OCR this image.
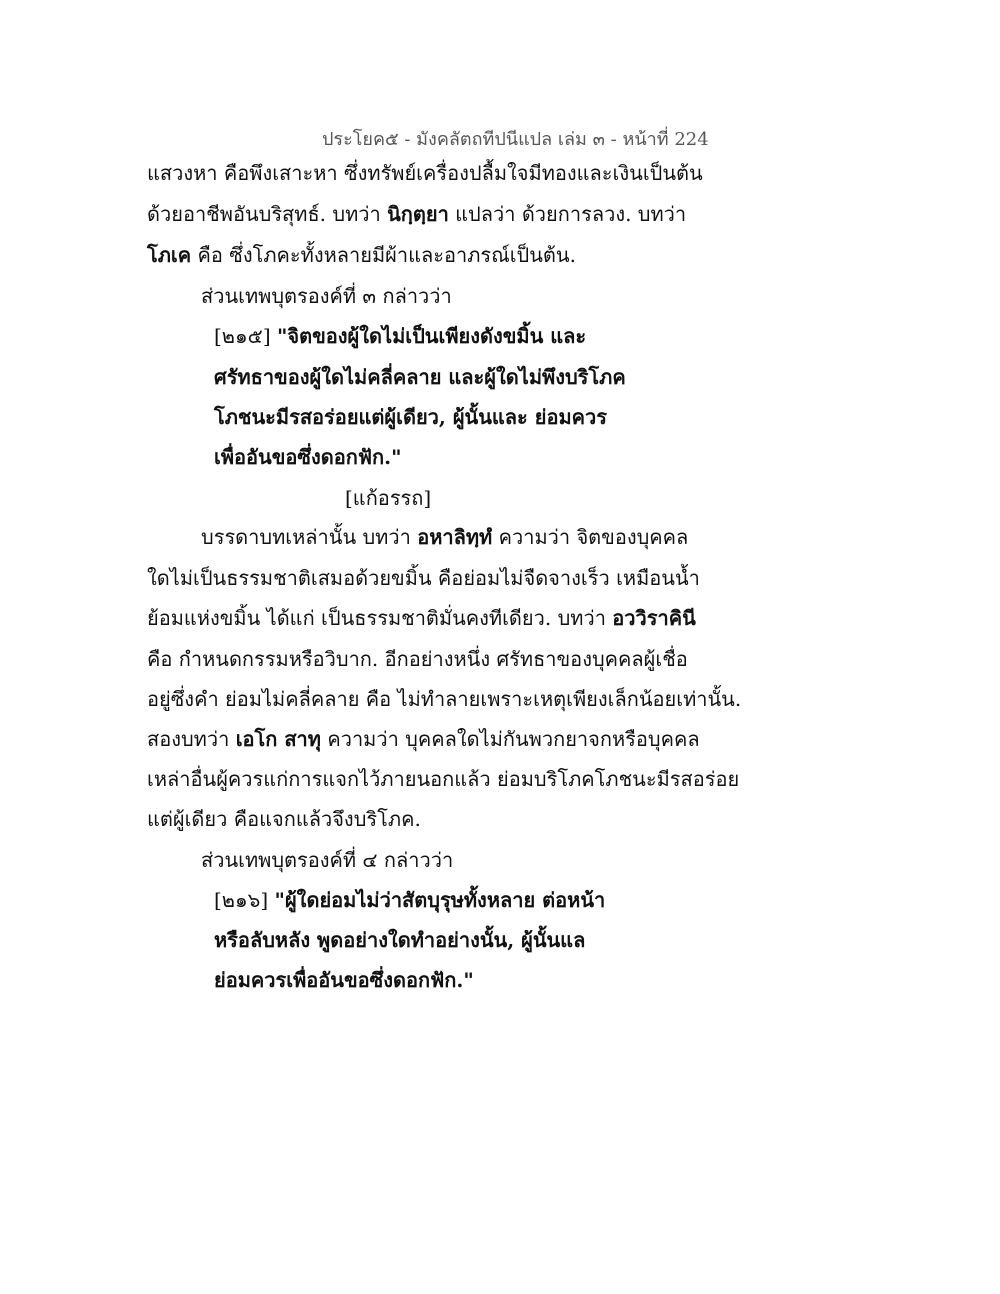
ประโยค๕ - มังคลัตถทีปนีแปล เล่ม ๓ - หน้าที่ 224
แสวงหา คือพึงเสาะหา ซึ่งทรัพย์เครื่องปลื้มใจมีทองและเงินเป็นต้น
ด้วยอาชีพอันบริสุทธ์. บทว่า นิกฺตฺยา แปลว่า ด้วยการลวง. บทว่า
โภเค คือ ซึ่งโภคะทั้งหลายมีผ้าและอาภรณ์เป็นต้น.
ส่วนเทพบุตรองค์ที่ ๓ กล่าวว่า
[๒๑๕] "จิตของผู้ใดไม่เป็นเพียงดังขมิ้น และ
ศรัทธาของผู้ใดไม่คลี่คลาย และผู้ใดไม่พึงบริโภค
โภชนะมีรสอร่อยแต่ผู้เดียว, ผู้นั้นและ ย่อมควร
เพื่ออันขอซึ่งดอกฟัก."
[แก้อรรถ]
บรรดาบทเหล่านั้น บทว่า อหาลิทฺทํ ความว่า จิตของบุคคล
ใดไม่เป็นธรรมชาติเสมอด้วยขมิ้น คือย่อมไม่จืดจางเร็ว เหมือนน้ำ
ย้อมแห่งขมิ้น ได้แก่ เป็นธรรมชาติมั่นคงทีเดียว. บทว่า อววิราคินี
คือ กำหนดกรรมหรือวิบาก. อีกอย่างหนึ่ง ศรัทธาของบุคคลผู้เชื่อ
อยู่ซึ่งคำ ย่อมไม่คลี่คลาย คือ ไม่ทำลายเพราะเหตุเพียงเล็กน้อยเท่านั้น.
สองบทว่า เอโก สาทุ ความว่า บุคคลใดไม่กันพวกยาจกหรือบุคคล
เหล่าอื่นผู้ควรแก่การแจกไว้ภายนอกแล้ว ย่อมบริโภคโภชนะมีรสอร่อย
แต่ผู้เดียว คือแจกแล้วจึงบริโภค.
ส่วนเทพบุตรองค์ที่ ๔ กล่าวว่า
[๒๑๖] "ผู้ใดย่อมไม่ว่าสัตบุรุษทั้งหลาย ต่อหน้า
หรือลับหลัง พูดอย่างใดทำอย่างนั้น, ผู้นั้นแล
ย่อมควรเพื่ออันขอซึ่งดอกฟัก."
